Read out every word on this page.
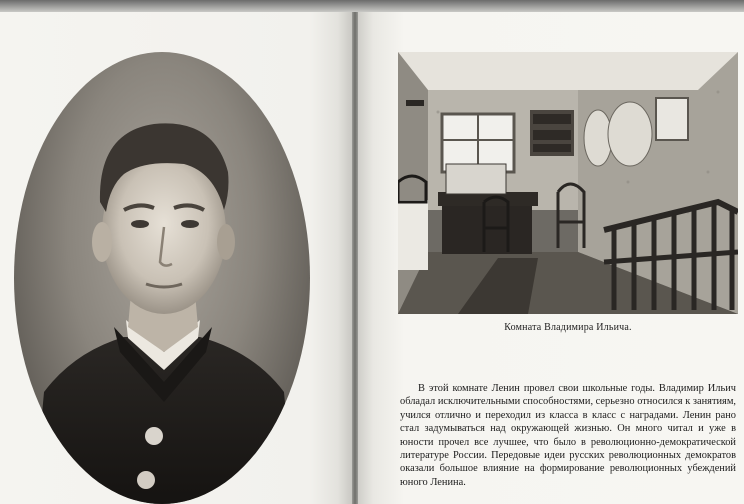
Комната Владимира Ильича.
В этой комнате Ленин провел свои школьные годы. Владимир Ильич обладал исключительными способностями, серьезно относился к занятиям, учился отлично и переходил из класса в класс с наградами. Ленин рано стал задумываться над окружающей жизнью. Он много читал и уже в юности прочел все лучшее, что было в революционно-демократической литературе России. Передовые идеи русских революционных демократов оказали большое влияние на формирование революционных убеждений юного Ленина.
